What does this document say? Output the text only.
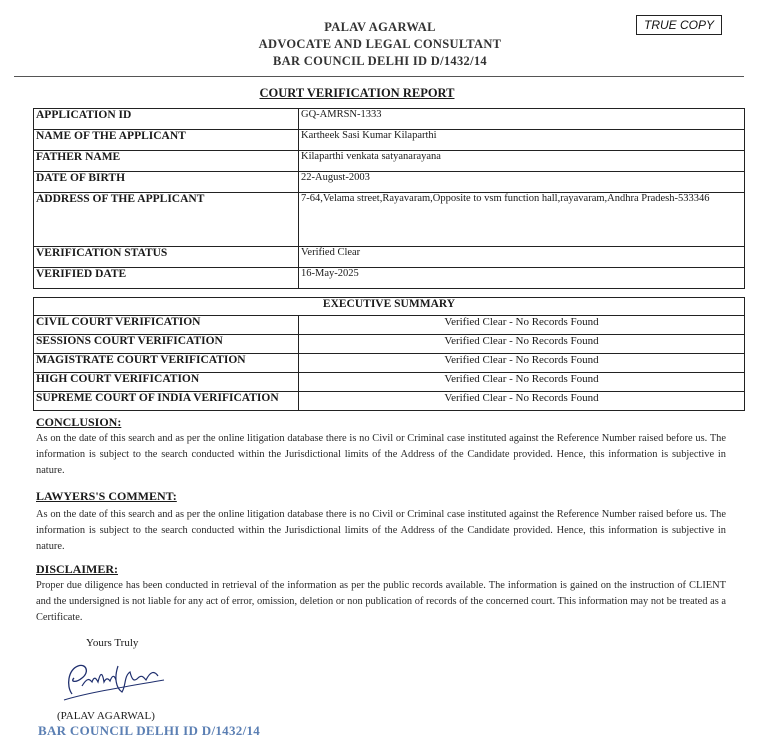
PALAV AGARWAL
ADVOCATE AND LEGAL CONSULTANT
BAR COUNCIL DELHI ID D/1432/14
TRUE COPY
COURT VERIFICATION REPORT
APPLICATION ID	GQ-AMRSN-1333
NAME OF THE APPLICANT	Kartheek Sasi Kumar Kilaparthi
FATHER NAME	Kilaparthi venkata satyanarayana
DATE OF BIRTH	22-August-2003
ADDRESS OF THE APPLICANT	7-64,Velama street,Rayavaram,Opposite to vsm function hall,rayavaram,Andhra Pradesh-533346
VERIFICATION STATUS	Verified Clear
VERIFIED DATE	16-May-2025
EXECUTIVE SUMMARY	
CIVIL COURT VERIFICATION	Verified Clear - No Records Found
SESSIONS COURT VERIFICATION	Verified Clear - No Records Found
MAGISTRATE COURT VERIFICATION	Verified Clear - No Records Found
HIGH COURT VERIFICATION	Verified Clear - No Records Found
SUPREME COURT OF INDIA VERIFICATION	Verified Clear - No Records Found
CONCLUSION:
As on the date of this search and as per the online litigation database there is no Civil or Criminal case instituted against the Reference Number raised before us. The information is subject to the search conducted within the Jurisdictional limits of the Address of the Candidate provided. Hence, this information is subjective in nature.
LAWYERS'S COMMENT:
As on the date of this search and as per the online litigation database there is no Civil or Criminal case instituted against the Reference Number raised before us. The information is subject to the search conducted within the Jurisdictional limits of the Address of the Candidate provided. Hence, this information is subjective in nature.
DISCLAIMER:
Proper due diligence has been conducted in retrieval of the information as per the public records available. The information is gained on the instruction of CLIENT and the undersigned is not liable for any act of error, omission, deletion or non publication of records of the concerned court. This information may not be treated as a Certificate.
Yours Truly
(PALAV AGARWAL)
BAR COUNCIL DELHI ID D/1432/14
